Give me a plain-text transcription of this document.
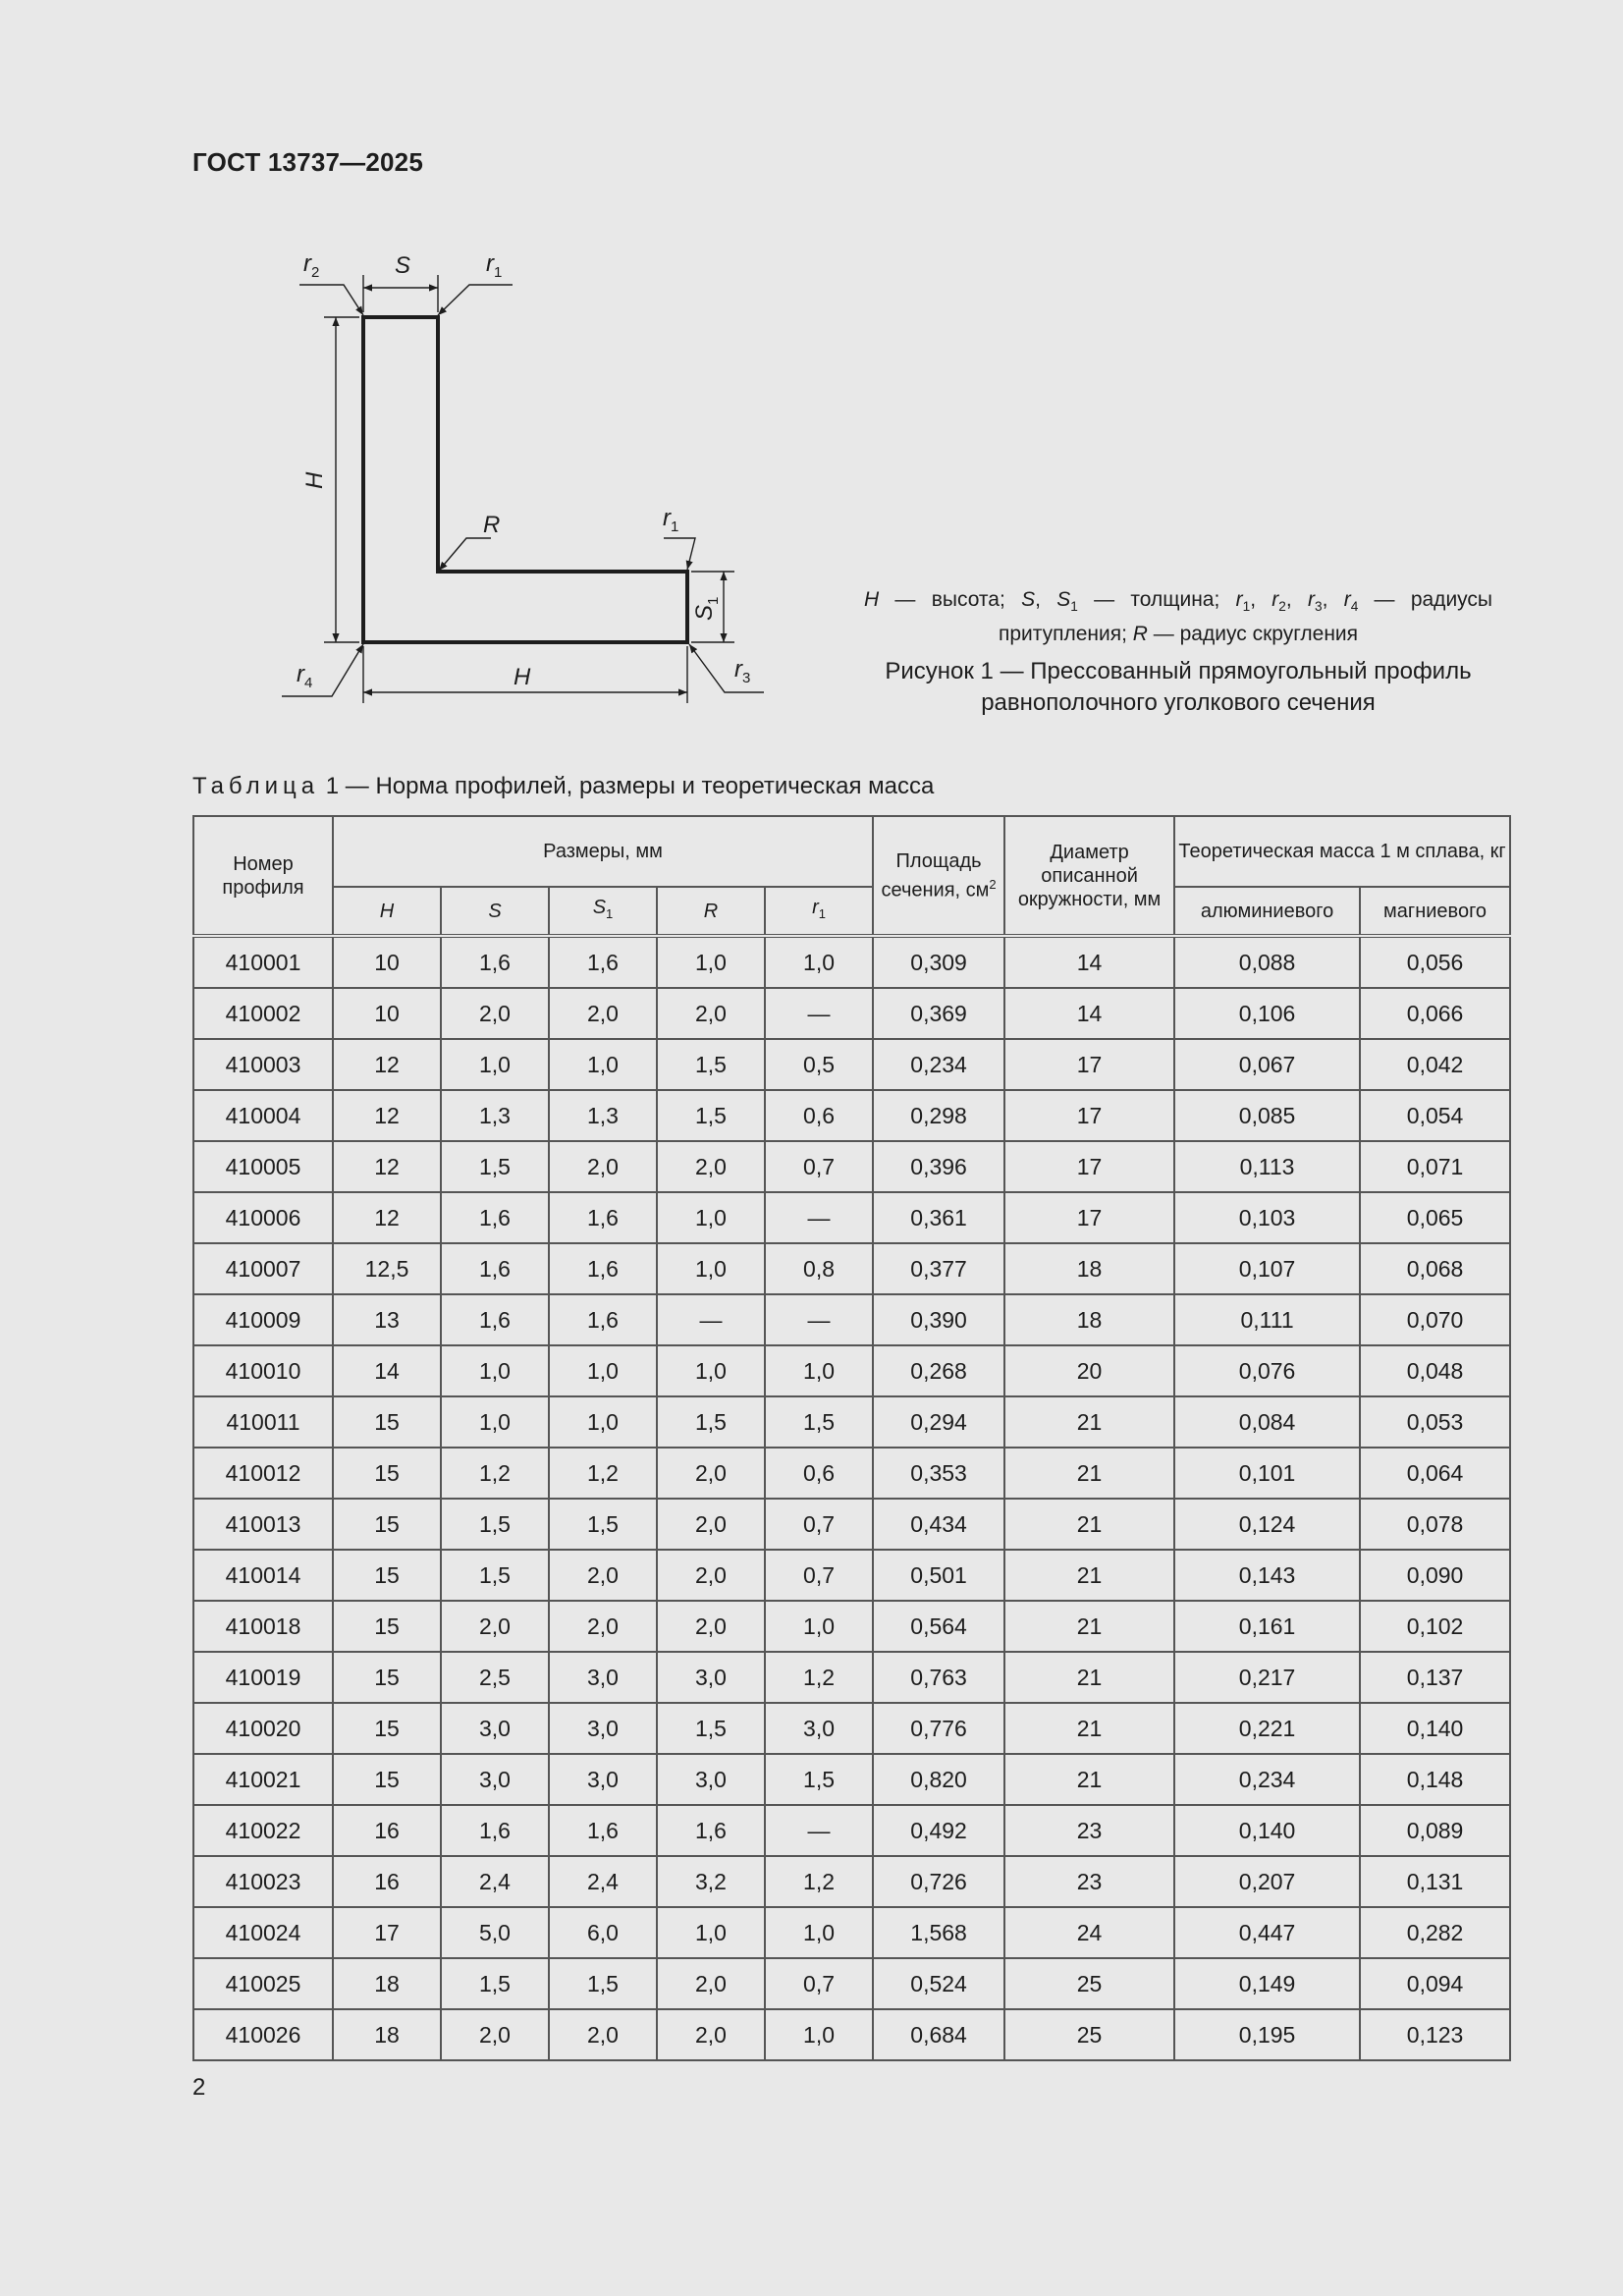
ГОСТ 13737—2025
$r_2$	S	$r_1$
H
R	$r_1$
$S_1$
$r_4$	H	$r_3$
H — высота; S, $S_1$ — толщина; $r_1$, $r_2$, $r_3$, $r_4$ — радиусы притупления; R — радиус скругления
Рисунок 1 — Прессованный прямоугольный профиль
равнополочного уголкового сечения
Таблица 1 — Норма профилей, размеры и теоретическая масса
Номер профиля	Размеры, мм					Площадь сечения, $см^2$	Диаметр описанной окружности, мм	Теоретическая масса 1 м сплава, кг	
	H	S	$S_1$	R	$r_1$			алюминиевого	магниевого
410001	10	1,6	1,6	1,0	1,0	0,309	14	0,088	0,056
410002	10	2,0	2,0	2,0	—	0,369	14	0,106	0,066
410003	12	1,0	1,0	1,5	0,5	0,234	17	0,067	0,042
410004	12	1,3	1,3	1,5	0,6	0,298	17	0,085	0,054
410005	12	1,5	2,0	2,0	0,7	0,396	17	0,113	0,071
410006	12	1,6	1,6	1,0	—	0,361	17	0,103	0,065
410007	12,5	1,6	1,6	1,0	0,8	0,377	18	0,107	0,068
410009	13	1,6	1,6	—	—	0,390	18	0,111	0,070
410010	14	1,0	1,0	1,0	1,0	0,268	20	0,076	0,048
410011	15	1,0	1,0	1,5	1,5	0,294	21	0,084	0,053
410012	15	1,2	1,2	2,0	0,6	0,353	21	0,101	0,064
410013	15	1,5	1,5	2,0	0,7	0,434	21	0,124	0,078
410014	15	1,5	2,0	2,0	0,7	0,501	21	0,143	0,090
410018	15	2,0	2,0	2,0	1,0	0,564	21	0,161	0,102
410019	15	2,5	3,0	3,0	1,2	0,763	21	0,217	0,137
410020	15	3,0	3,0	1,5	3,0	0,776	21	0,221	0,140
410021	15	3,0	3,0	3,0	1,5	0,820	21	0,234	0,148
410022	16	1,6	1,6	1,6	—	0,492	23	0,140	0,089
410023	16	2,4	2,4	3,2	1,2	0,726	23	0,207	0,131
410024	17	5,0	6,0	1,0	1,0	1,568	24	0,447	0,282
410025	18	1,5	1,5	2,0	0,7	0,524	25	0,149	0,094
410026	18	2,0	2,0	2,0	1,0	0,684	25	0,195	0,123
2
